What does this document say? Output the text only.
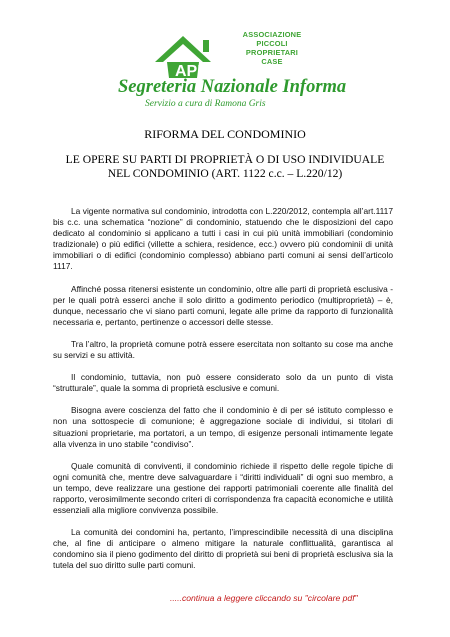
APPC
ASSOCIAZIONE
PICCOLI
PROPRIETARI
CASE
Segreteria Nazionale Informa
Servizio a cura di Ramona Gris
RIFORMA DEL CONDOMINIO
LE OPERE SU PARTI DI PROPRIETÀ O DI USO INDIVIDUALE
NEL CONDOMINIO (ART. 1122 c.c. – L.220/12)

La vigente normativa sul condominio, introdotta con L.220/2012, contempla all’art.1117 bis c.c. una schematica “nozione” di condominio, statuendo che le disposizioni del capo dedicato al condominio si applicano a tutti i casi in cui più unità immobiliari (condominio tradizionale) o più edifici (villette a schiera, residence, ecc.) ovvero più condominii di unità immobiliari o di edifici (condominio complesso) abbiano parti comuni ai sensi dell’articolo 1117.

Affinché possa ritenersi esistente un condominio, oltre alle parti di proprietà esclusiva - per le quali potrà esserci anche il solo diritto a godimento periodico (multiproprietà) – è, dunque, necessario che vi siano parti comuni, legate alle prime da rapporto di funzionalità necessaria e, pertanto, pertinenze o accessori delle stesse.

Tra l’altro, la proprietà comune potrà essere esercitata non soltanto su cose ma anche su servizi e su attività.

Il condominio, tuttavia, non può essere considerato solo da un punto di vista “strutturale”, quale la somma di proprietà esclusive e comuni.

Bisogna avere coscienza del fatto che il condominio è di per sé istituto complesso e non una sottospecie di comunione; è aggregazione sociale di individui, si titolari di situazioni proprietarie, ma portatori, a un tempo, di esigenze personali intimamente legate alla vivenza in uno stabile “condiviso”.

Quale comunità di conviventi, il condominio richiede il rispetto delle regole tipiche di ogni comunità che, mentre deve salvaguardare i “diritti individuali” di ogni suo membro, a un tempo, deve realizzare una gestione dei rapporti patrimoniali coerente alle finalità del rapporto, verosimilmente secondo criteri di corrispondenza fra capacità economiche e utilità essenziali alla migliore convivenza possibile.

La comunità dei condomini ha, pertanto, l’imprescindibile necessità di una disciplina che, al fine di anticipare o almeno mitigare la naturale conflittualità, garantisca al condomino sia il pieno godimento del diritto di proprietà sui beni di proprietà esclusiva sia la tutela del suo diritto sulle parti comuni.

.....continua a leggere cliccando su "circolare pdf"
